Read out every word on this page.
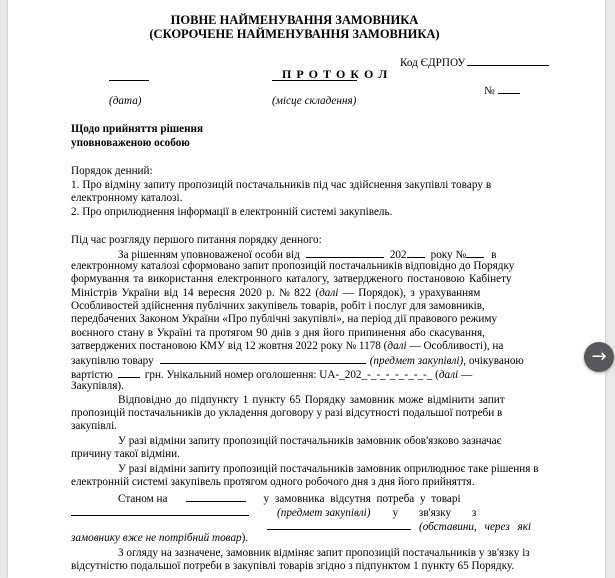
ПОВНЕ НАЙМЕНУВАННЯ ЗАМОВНИКА
(СКОРОЧЕНЕ НАЙМЕНУВАННЯ ЗАМОВНИКА)
Код ЄДРПОУ
П Р О Т О К О Л
№
(дата)	(місце складення)
Щодо прийняття рішення
уповноваженою особою
Порядок денний:
1. Про відміну запиту пропозицій постачальників під час здійснення закупівлі товару в
електронному каталозі.
2. Про оприлюднення інформації в електронній системі закупівель.
Під час розгляду першого питання порядку денного:
За рішенням уповноваженої особи від	202 року № в
електронному каталозі сформовано запит пропозицій постачальників відповідно до Порядку
формування та використання електронного каталогу, затвердженого постановою Кабінету
Міністрів України від 14 вересня 2020 р. № 822 (далі — Порядок), з урахуванням
Особливостей здійснення публічних закупівель товарів, робіт і послуг для замовників,
передбачених Законом України «Про публічні закупівлі», на період дії правового режиму
воєнного стану в Україні та протягом 90 днів з дня його припинення або скасування,
затверджених постановою КМУ від 12 жовтня 2022 року № 1178 (далі — Особливості), на
закупівлю товару	(предмет закупівлі), очікуваною
вартістю	грн. Унікальний номер оголошення: UA-_202_-_-_-_-_-_-_-_ (далі —
Закупівля).
Відповідно до підпункту 1 пункту 65 Порядку замовник може відмінити запит
пропозицій постачальників до укладення договору у разі відсутності подальшої потреби в
закупівлі.
У разі відміни запиту пропозицій постачальників замовник обов'язково зазначає
причину такої відміни.
У разі відміни запиту пропозицій постачальників замовник оприлюднює таке рішення в
електронній системі закупівель протягом одного робочого дня з дня його прийняття.
Станом на	у замовника відсутня потреба у товарі
(предмет закупівлі) у зв'язку з
(обставини, через які
замовнику вже не потрібний товар).
З огляду на зазначене, замовник відміняє запит пропозицій постачальників у зв'язку із
відсутністю подальшої потреби в закупівлі товарів згідно з підпунктом 1 пункту 65 Порядку.
→
